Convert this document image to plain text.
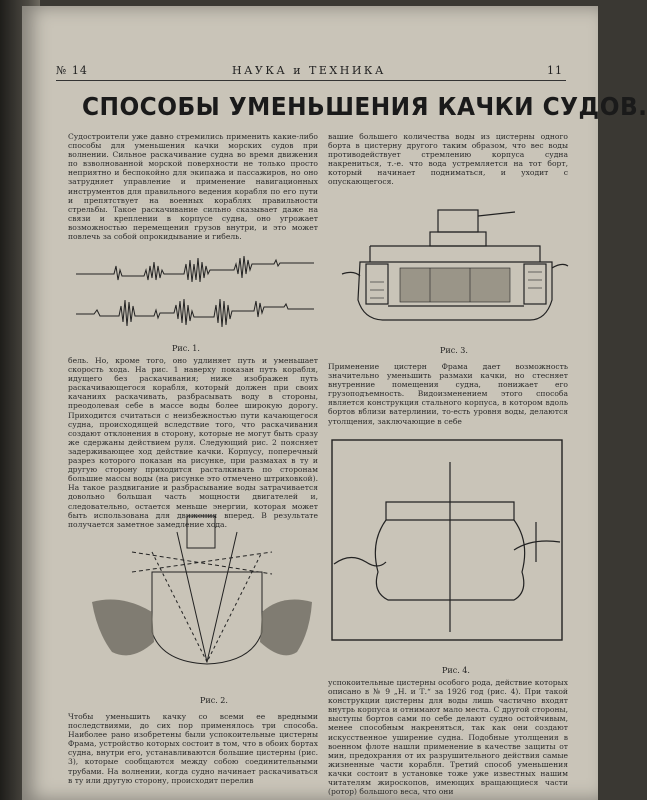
№ 14	НАУКА и ТЕХНИКА	11
СПОСОБЫ УМЕНЬШЕНИЯ КАЧКИ СУДОВ.
Судостроители уже давно стремились применить какие-либо способы для уменьшения качки морских судов при волнении. Сильное раскачивание судна во время движения по взволнованной морской поверхности не только просто неприятно и беспокойно для экипажа и пассажиров, но оно затрудняет управление и применение навигационных инструментов для правильного ведения корабля по его пути и препятствует на военных кораблях правильности стрельбы. Такое раскачивание сильно сказывает даже на связи и креплении в корпусе судна, оно угрожает возможностью перемещения грузов внутри, и это может повлечь за собой опрокидывание и гибель.
вашие большего количества воды из цистерны одного борта в цистерну другого таким образом, что вес воды противодействует стремлению корпуса судна накрениться, т.-е. что вода устремляется на тот борт, который начинает подниматься, и уходит с опускающегося.
Рис. 1.	Рис. 3.
бель. Но, кроме того, оно удлиняет путь и уменьшает скорость хода. На рис. 1 наверху показан путь корабля, идущего без раскачивания; ниже изображен путь раскачивающегося корабля, который должен при своих качаниях раскачивать, разбрасывать воду в стороны, преодолевая себе в массе воды более широкую дорогу. Приходится считаться с неизбежностью пути качающегося судна, происходящей вследствие того, что раскачивания создают отклонения в сторону, которые не могут быть сразу же сдержаны действием руля. Следующий рис. 2 поясняет задерживающее ход действие качки. Корпусу, поперечный разрез которого показан на рисунке, при размахах в ту и другую сторону приходится расталкивать по сторонам большие массы воды (на рисунке это отмечено штриховкой). На такое раздвигание и разбрасывание воды затрачивается довольно большая часть мощности двигателей и, следовательно, остается меньше энергии, которая может быть использована для движения вперед. В результате получается заметное замедление хода.
Применение цистерн Фрама дает возможность значительно уменьшить размахи качки, но стесняет внутренние помещения судна, понижает его грузоподъемность. Видоизменением этого способа является конструкция стального корпуса, в котором вдоль бортов вблизи ватерлинии, то-есть уровня воды, делаются утолщения, заключающие в себе
Рис. 2.
Рис. 4.
Чтобы уменьшить качку со всеми ее вредными последствиями, до сих пор применялось три способа. Наиболее рано изобретены были успокоительные цистерны Фрама, устройство которых состоит в том, что в обоих бортах судна, внутри его, устанавливаются большие цистерны (рис. 3), которые сообщаются между собою соединительными трубами. На волнении, когда судно начинает раскачиваться в ту или другую сторону, происходит перелив
успокоительные цистерны особого рода, действие которых описано в № 9 „Н. и Т.“ за 1926 год (рис. 4). При такой конструкции цистерны для воды лишь частично входят внутрь корпуса и отнимают мало места. С другой стороны, выступы бортов сами по себе делают судно остойчивым, менее способным накреняться, так как они создают искусственное уширение судна. Подобные утолщения в военном флоте нашли применение в качестве защиты от мин, предохраняя от их разрушительного действия самые жизненные части корабля. Третий способ уменьшения качки состоит в установке тоже уже известных нашим читателям жироскопов, имеющих вращающиеся части (ротор) большого веса, что они
